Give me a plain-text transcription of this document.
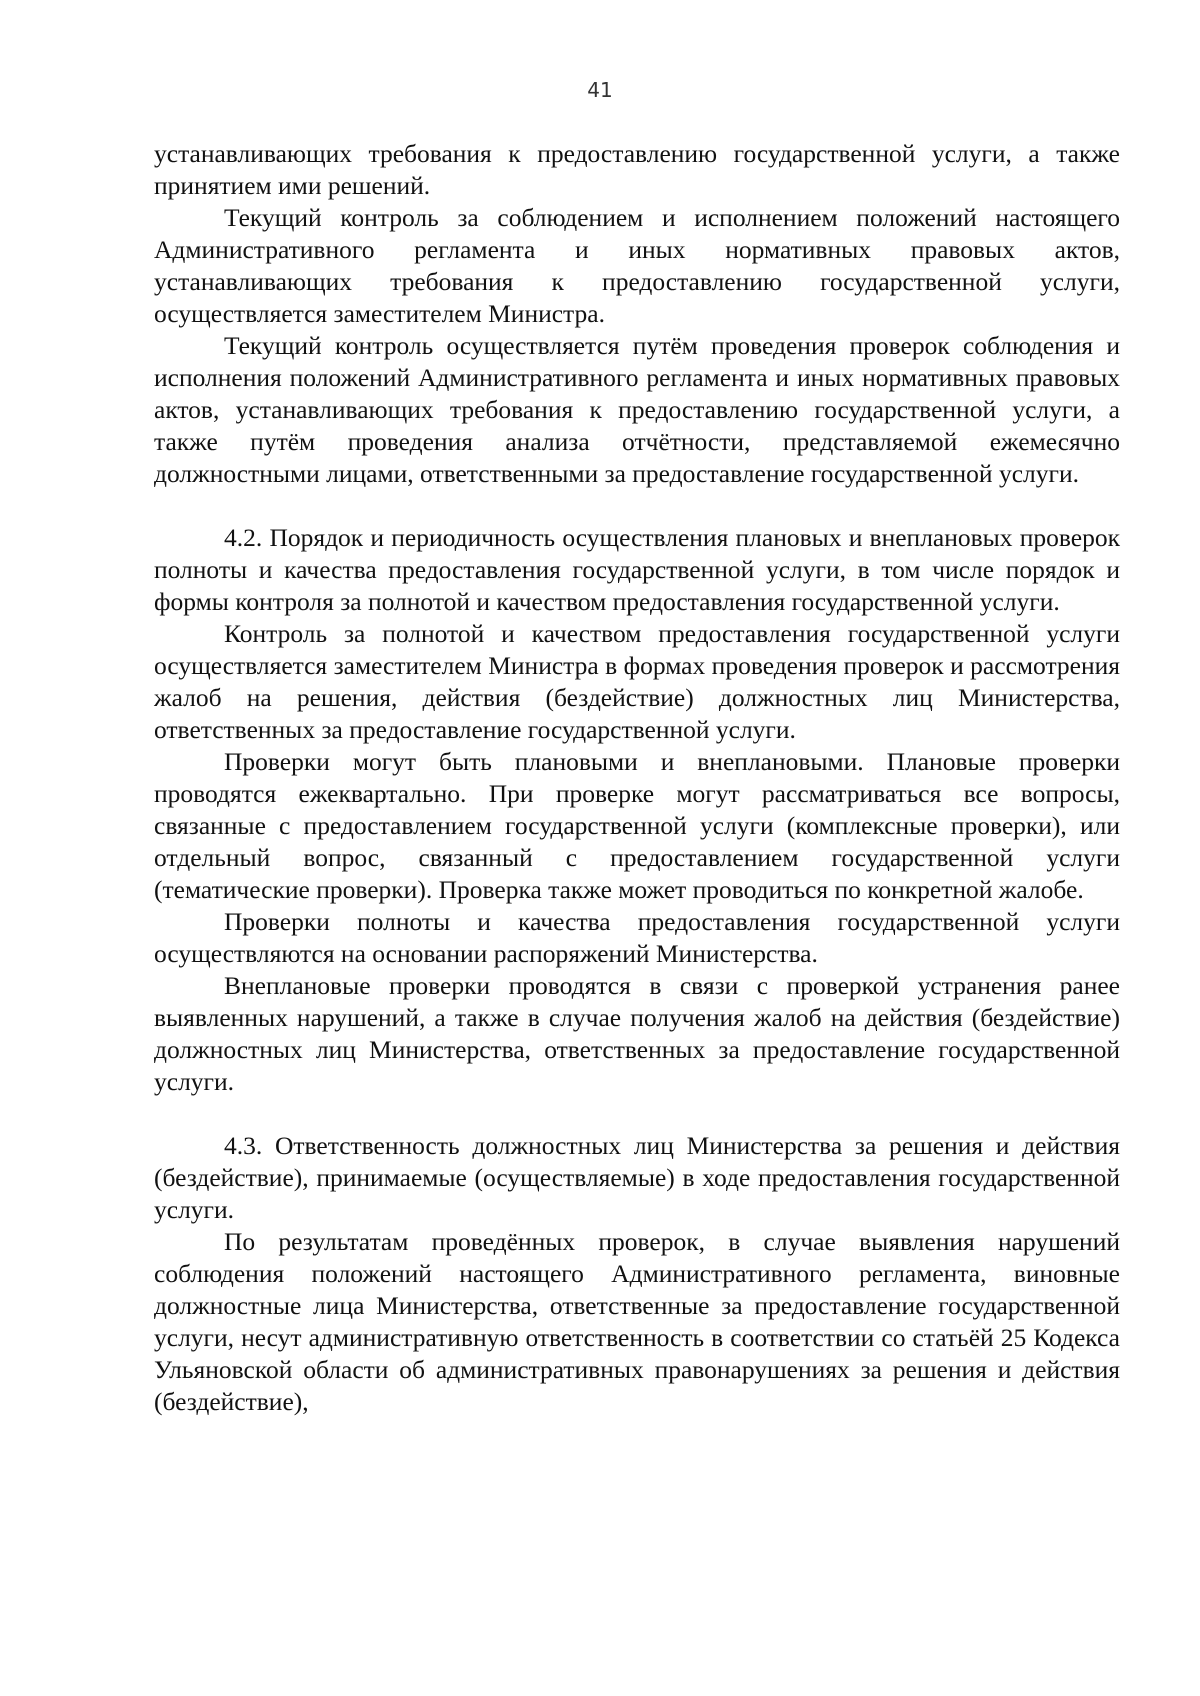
41

устанавливающих требования к предоставлению государственной услуги, а также принятием ими решений.

Текущий контроль за соблюдением и исполнением положений настоящего Административного регламента и иных нормативных правовых актов, устанавливающих требования к предоставлению государственной услуги, осуществляется заместителем Министра.

Текущий контроль осуществляется путём проведения проверок соблюдения и исполнения положений Административного регламента и иных нормативных правовых актов, устанавливающих требования к предоставлению государственной услуги, а также путём проведения анализа отчётности, представляемой ежемесячно должностными лицами, ответственными за предоставление государственной услуги.

4.2. Порядок и периодичность осуществления плановых и внеплановых проверок полноты и качества предоставления государственной услуги, в том числе порядок и формы контроля за полнотой и качеством предоставления государственной услуги.

Контроль за полнотой и качеством предоставления государственной услуги осуществляется заместителем Министра в формах проведения проверок и рассмотрения жалоб на решения, действия (бездействие) должностных лиц Министерства, ответственных за предоставление государственной услуги.

Проверки могут быть плановыми и внеплановыми. Плановые проверки проводятся ежеквартально. При проверке могут рассматриваться все вопросы, связанные с предоставлением государственной услуги (комплексные проверки), или отдельный вопрос, связанный с предоставлением государственной услуги (тематические проверки). Проверка также может проводиться по конкретной жалобе.

Проверки полноты и качества предоставления государственной услуги осуществляются на основании распоряжений Министерства.

Внеплановые проверки проводятся в связи с проверкой устранения ранее выявленных нарушений, а также в случае получения жалоб на действия (бездействие) должностных лиц Министерства, ответственных за предоставление государственной услуги.

4.3. Ответственность должностных лиц Министерства за решения и действия (бездействие), принимаемые (осуществляемые) в ходе предоставления государственной услуги.

По результатам проведённых проверок, в случае выявления нарушений соблюдения положений настоящего Административного регламента, виновные должностные лица Министерства, ответственные за предоставление государственной услуги, несут административную ответственность в соответствии со статьёй 25 Кодекса Ульяновской области об административных правонарушениях за решения и действия (бездействие),
